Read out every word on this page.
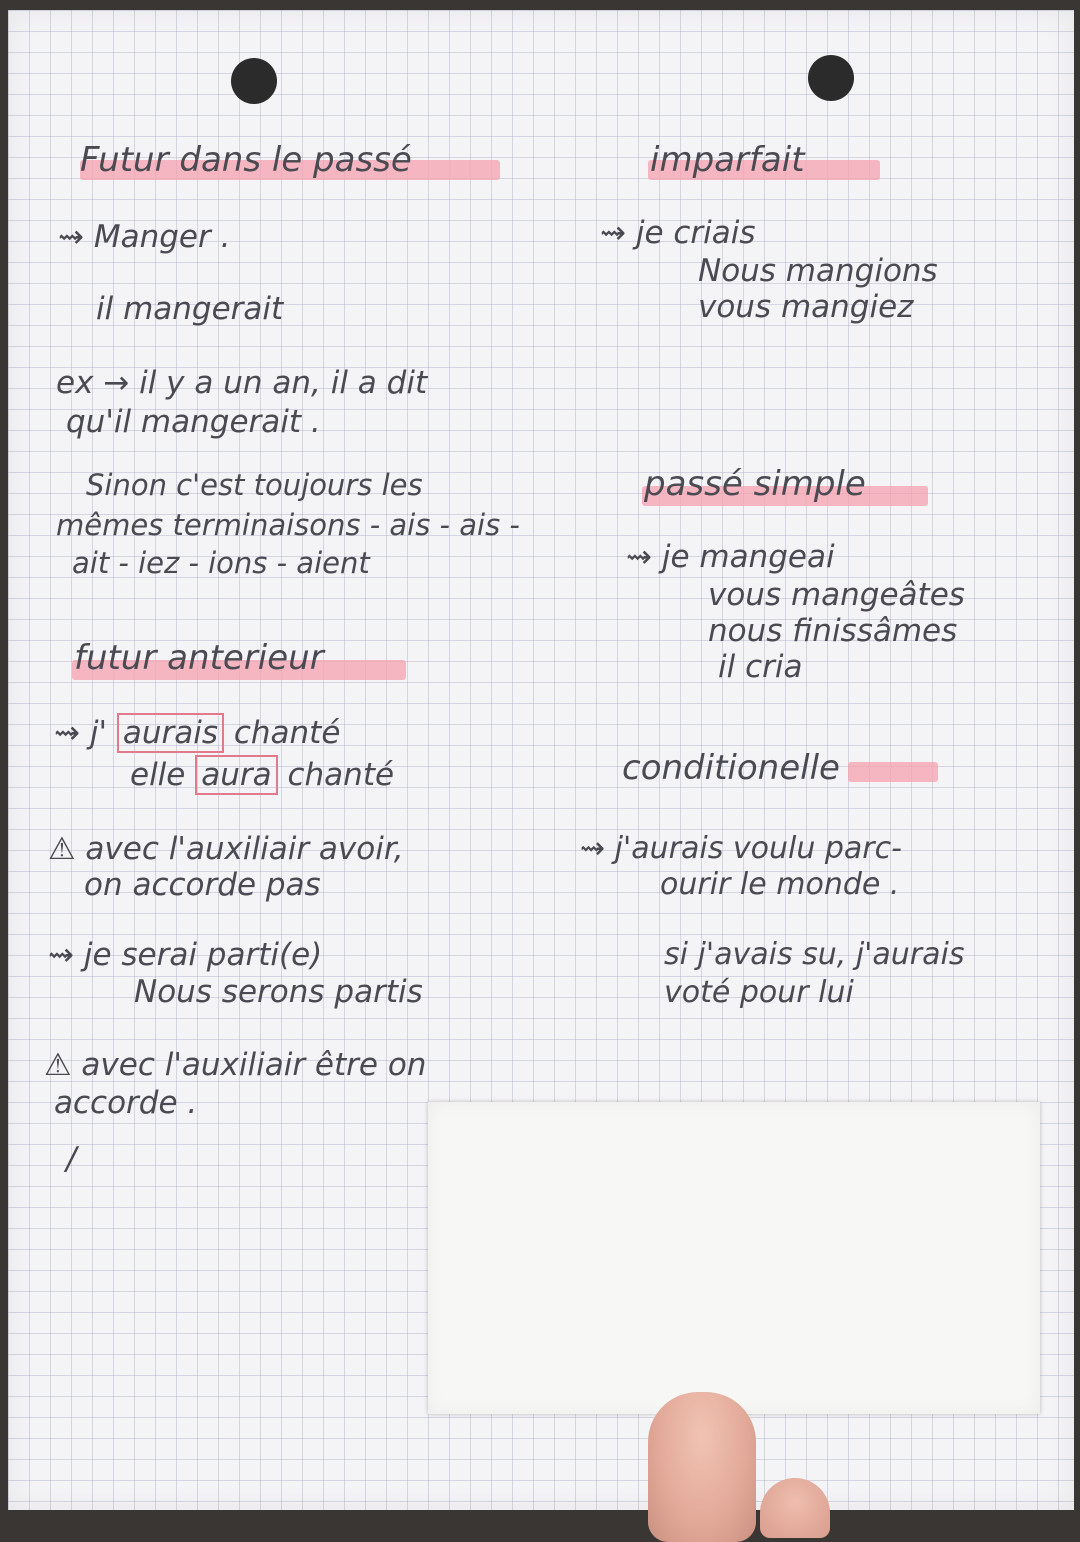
Futur dans le passé
⇝ Manger .
il mangerait
ex → il y a un an, il a dit
qu'il mangerait .
Sinon c'est toujours les
mêmes terminaisons - ais - ais -
ait - iez - ions - aient
futur anterieur
⇝ j' aurais chanté
elle aura chanté
⚠ avec l'auxiliair avoir,
on accorde pas
⇝ je serai parti(e)
Nous serons partis
⚠ avec l'auxiliair être on
accorde .
/
imparfait
⇝ je criais
Nous mangions
vous mangiez
passé simple
⇝ je mangeai
vous mangeâtes
nous finissâmes
il cria
conditionelle
⇝ j'aurais voulu parc-
ourir le monde .
si j'avais su, j'aurais
voté pour lui
